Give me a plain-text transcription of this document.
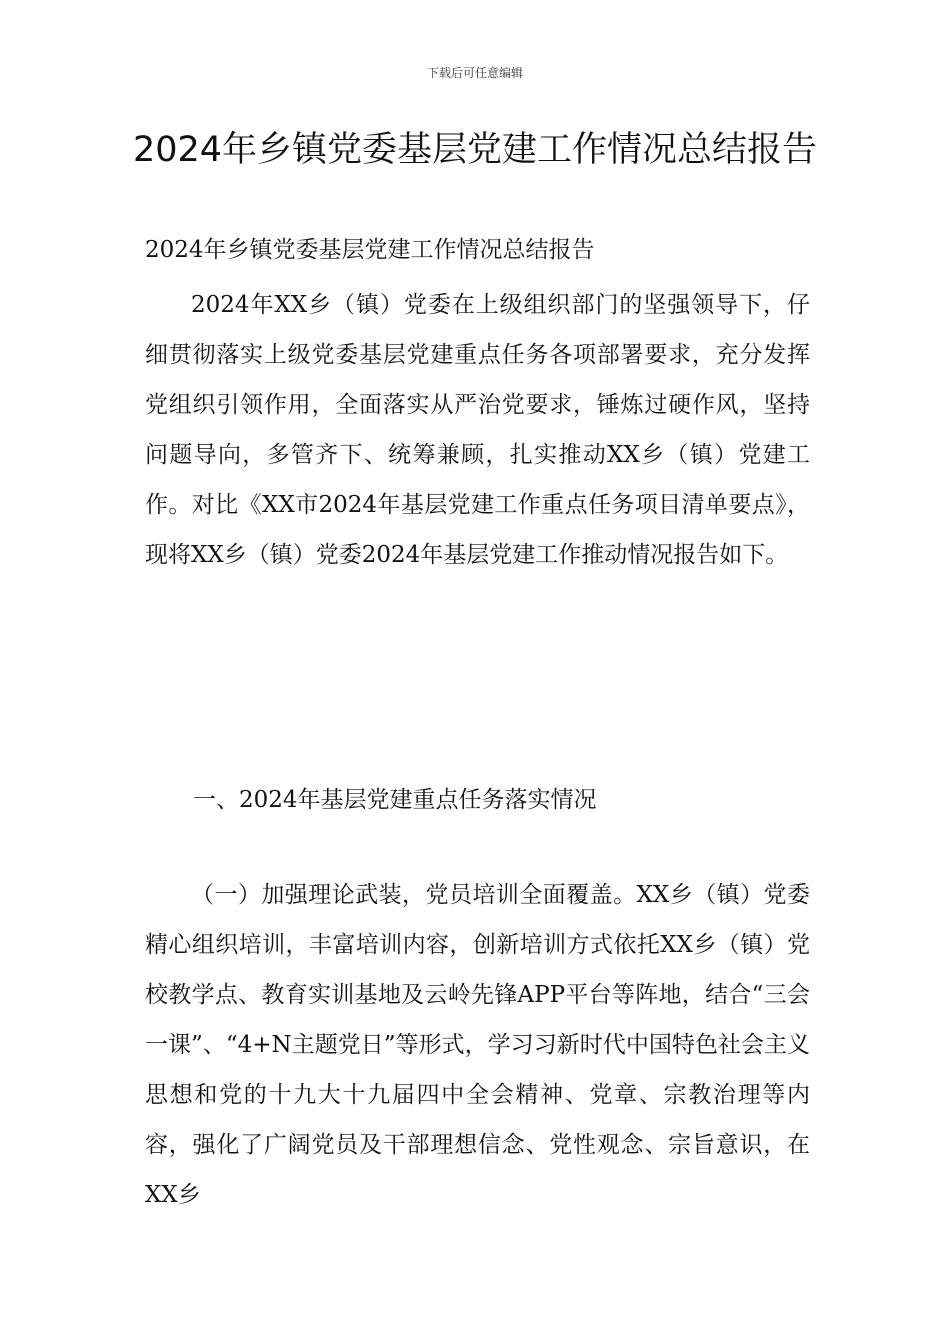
下载后可任意编辑
2024年乡镇党委基层党建工作情况总结报告
2024年乡镇党委基层党建工作情况总结报告

2024年XX乡（镇）党委在上级组织部门的坚强领导下，仔细贯彻落实上级党委基层党建重点任务各项部署要求，充分发挥党组织引领作用，全面落实从严治党要求，锤炼过硬作风，坚持问题导向，多管齐下、统筹兼顾，扎实推动XX乡（镇）党建工作。对比《XX市2024年基层党建工作重点任务项目清单要点》，现将XX乡（镇）党委2024年基层党建工作推动情况报告如下。

一、2024年基层党建重点任务落实情况

（一）加强理论武装，党员培训全面覆盖。XX乡（镇）党委精心组织培训，丰富培训内容，创新培训方式依托XX乡（镇）党校教学点、教育实训基地及云岭先锋APP平台等阵地，结合“三会一课”、“4+N主题党日”等形式，学习习新时代中国特色社会主义思想和党的十九大十九届四中全会精神、党章、宗教治理等内容，强化了广阔党员及干部理想信念、党性观念、宗旨意识，在XX乡
